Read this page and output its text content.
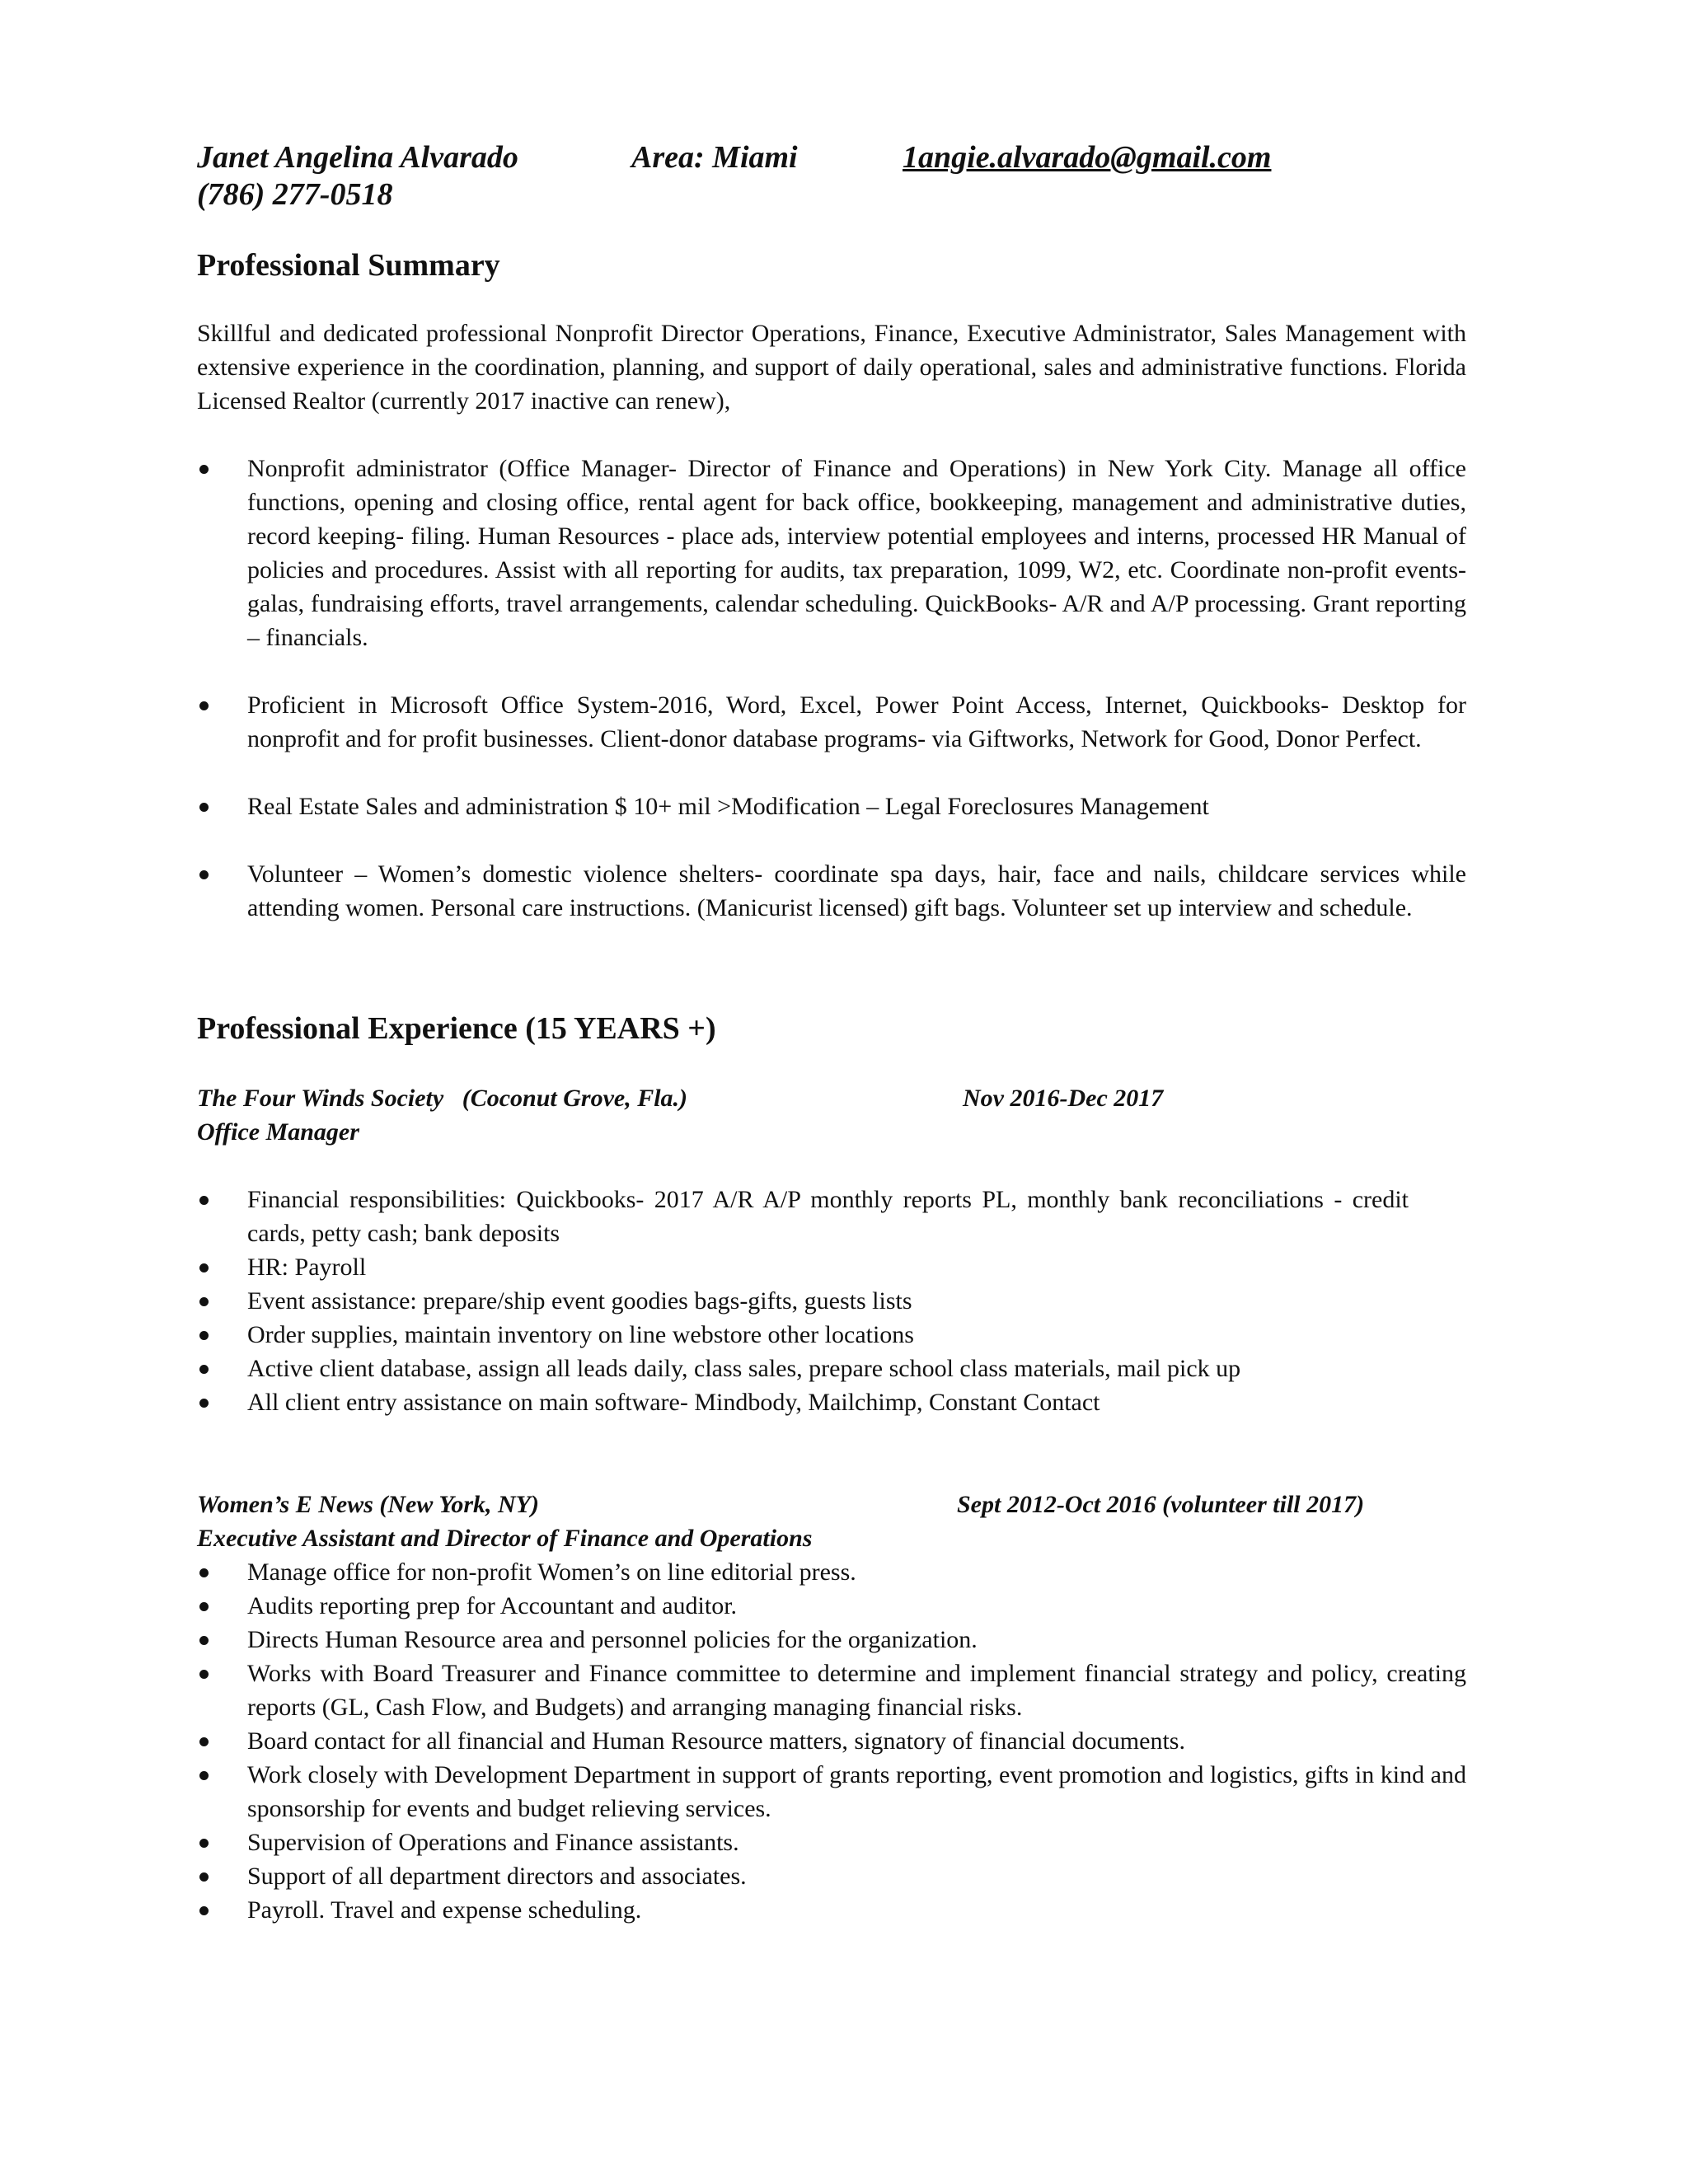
Janet Angelina Alvarado	Area: Miami	1angie.alvarado@gmail.com
(786) 277-0518
Professional Summary
Skillful and dedicated professional Nonprofit Director Operations, Finance, Executive Administrator, Sales Management with extensive experience in the coordination, planning, and support of daily operational, sales and administrative functions. Florida Licensed Realtor (currently 2017 inactive can renew),
Nonprofit administrator (Office Manager- Director of Finance and Operations) in New York City. Manage all office functions, opening and closing office, rental agent for back office, bookkeeping, management and administrative duties, record keeping- filing. Human Resources - place ads, interview potential employees and interns, processed HR Manual of policies and procedures. Assist with all reporting for audits, tax preparation, 1099, W2, etc. Coordinate non-profit events-galas, fundraising efforts, travel arrangements, calendar scheduling. QuickBooks- A/R and A/P processing. Grant reporting – financials.
Proficient in Microsoft Office System-2016, Word, Excel, Power Point Access, Internet, Quickbooks- Desktop for nonprofit and for profit businesses. Client-donor database programs- via Giftworks, Network for Good, Donor Perfect.
Real Estate Sales and administration $ 10+ mil >Modification – Legal Foreclosures Management
Volunteer – Women’s domestic violence shelters- coordinate spa days, hair, face and nails, childcare services while attending women. Personal care instructions. (Manicurist licensed) gift bags. Volunteer set up interview and schedule.
Professional Experience (15 YEARS +)
The Four Winds Society   (Coconut Grove, Fla.)	Nov 2016-Dec 2017
Office Manager
Financial responsibilities: Quickbooks- 2017 A/R A/P monthly reports PL, monthly bank reconciliations - credit cards, petty cash; bank deposits
HR: Payroll
Event assistance: prepare/ship event goodies bags-gifts, guests lists
Order supplies, maintain inventory on line webstore other locations
Active client database, assign all leads daily, class sales, prepare school class materials, mail pick up
All client entry assistance on main software- Mindbody, Mailchimp, Constant Contact
Women’s E News (New York, NY)	Sept 2012-Oct 2016 (volunteer till 2017)
Executive Assistant and Director of Finance and Operations
Manage office for non-profit Women’s on line editorial press.
Audits reporting prep for Accountant and auditor.
Directs Human Resource area and personnel policies for the organization.
Works with Board Treasurer and Finance committee to determine and implement financial strategy and policy, creating reports (GL, Cash Flow, and Budgets) and arranging managing financial risks.
Board contact for all financial and Human Resource matters, signatory of financial documents.
Work closely with Development Department in support of grants reporting, event promotion and logistics, gifts in kind and sponsorship for events and budget relieving services.
Supervision of Operations and Finance assistants.
Support of all department directors and associates.
Payroll. Travel and expense scheduling.
